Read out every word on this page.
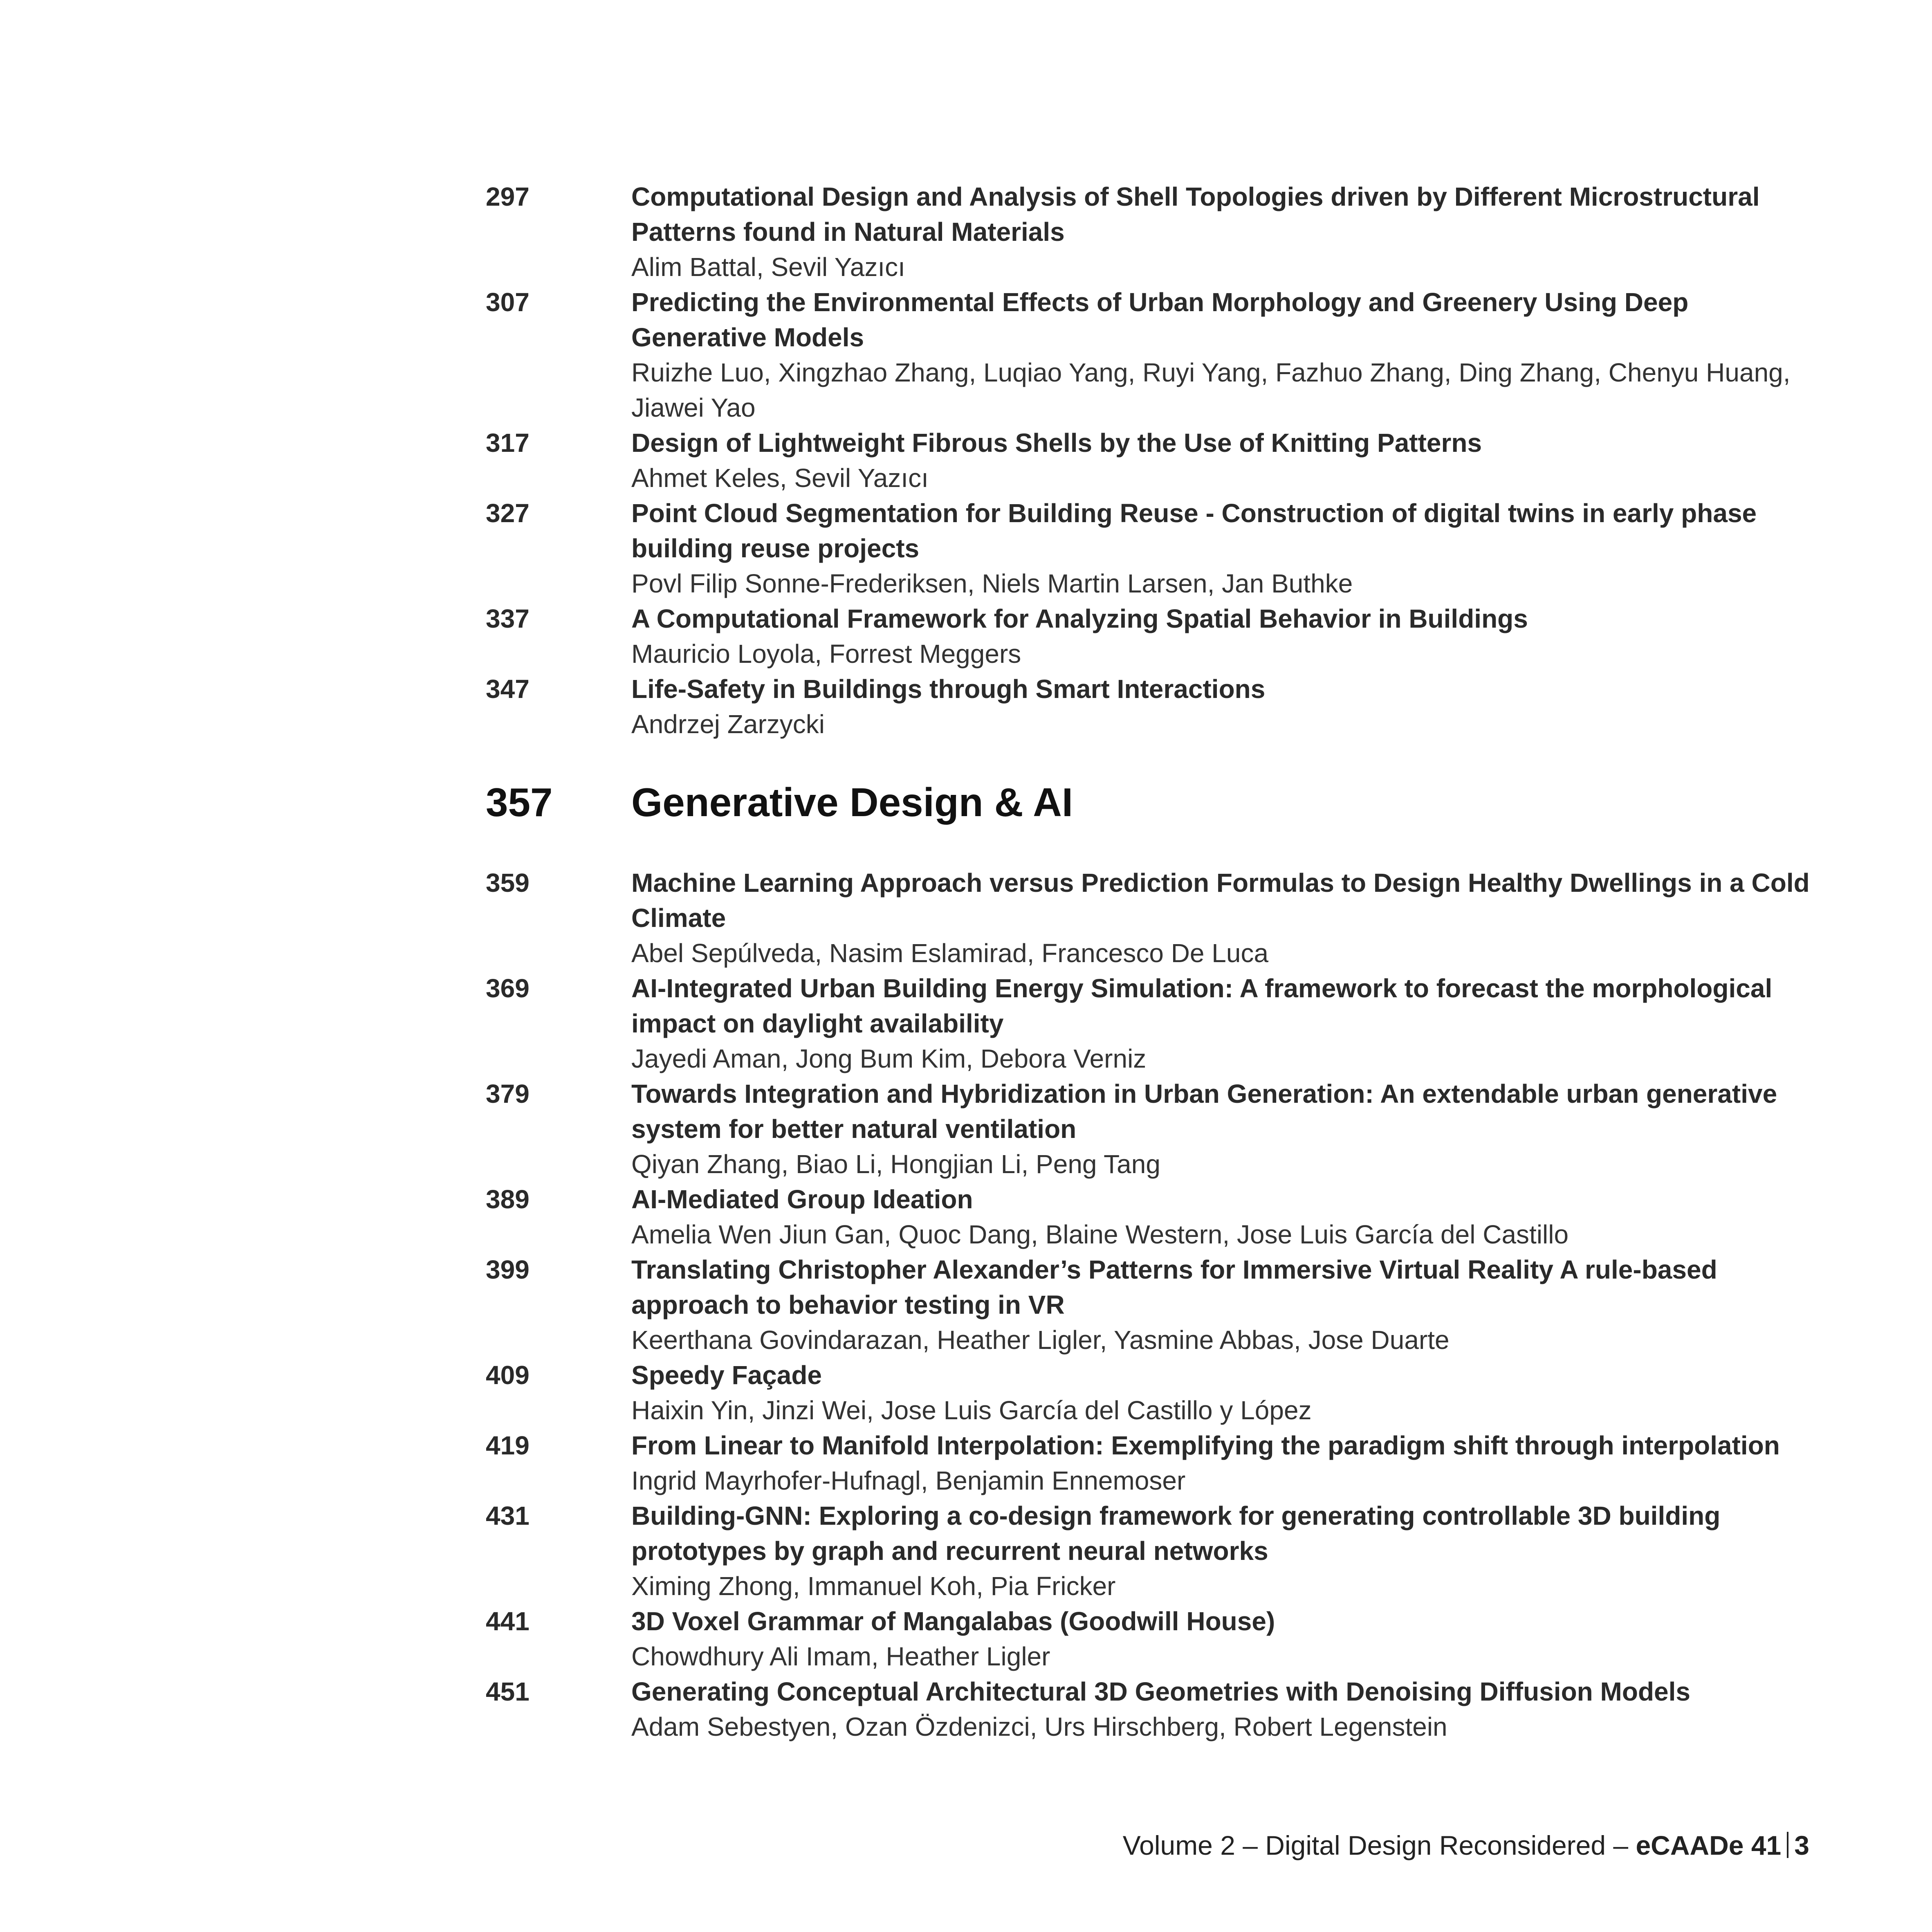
297	Computational Design and Analysis of Shell Topologies driven by Different Microstructural Patterns found in Natural Materials
Alim Battal, Sevil Yazıcı
307	Predicting the Environmental Effects of Urban Morphology and Greenery Using Deep Generative Models
Ruizhe Luo, Xingzhao Zhang, Luqiao Yang, Ruyi Yang, Fazhuo Zhang, Ding Zhang, Chenyu Huang, Jiawei Yao
317	Design of Lightweight Fibrous Shells by the Use of Knitting Patterns
Ahmet Keles, Sevil Yazıcı
327	Point Cloud Segmentation for Building Reuse - Construction of digital twins in early phase building reuse projects
Povl Filip Sonne-Frederiksen, Niels Martin Larsen, Jan Buthke
337	A Computational Framework for Analyzing Spatial Behavior in Buildings
Mauricio Loyola, Forrest Meggers
347	Life-Safety in Buildings through Smart Interactions
Andrzej Zarzycki
357	Generative Design & AI
359	Machine Learning Approach versus Prediction Formulas to Design Healthy Dwellings in a Cold Climate
Abel Sepúlveda, Nasim Eslamirad, Francesco De Luca
369	AI-Integrated Urban Building Energy Simulation: A framework to forecast the morphological impact on daylight availability
Jayedi Aman, Jong Bum Kim, Debora Verniz
379	Towards Integration and Hybridization in Urban Generation: An extendable urban generative system for better natural ventilation
Qiyan Zhang, Biao Li, Hongjian Li, Peng Tang
389	AI-Mediated Group Ideation
Amelia Wen Jiun Gan, Quoc Dang, Blaine Western, Jose Luis García del Castillo
399	Translating Christopher Alexander’s Patterns for Immersive Virtual Reality A rule-based approach to behavior testing in VR
Keerthana Govindarazan, Heather Ligler, Yasmine Abbas, Jose Duarte
409	Speedy Façade
Haixin Yin, Jinzi Wei, Jose Luis García del Castillo y López
419	From Linear to Manifold Interpolation: Exemplifying the paradigm shift through interpolation
Ingrid Mayrhofer-Hufnagl, Benjamin Ennemoser
431	Building-GNN: Exploring a co-design framework for generating controllable 3D building prototypes by graph and recurrent neural networks
Ximing Zhong, Immanuel Koh, Pia Fricker
441	3D Voxel Grammar of Mangalabas (Goodwill House)
Chowdhury Ali Imam, Heather Ligler
451	Generating Conceptual Architectural 3D Geometries with Denoising Diffusion Models
Adam Sebestyen, Ozan Özdenizci, Urs Hirschberg, Robert Legenstein
Volume 2 – Digital Design Reconsidered – eCAADe 41 3
